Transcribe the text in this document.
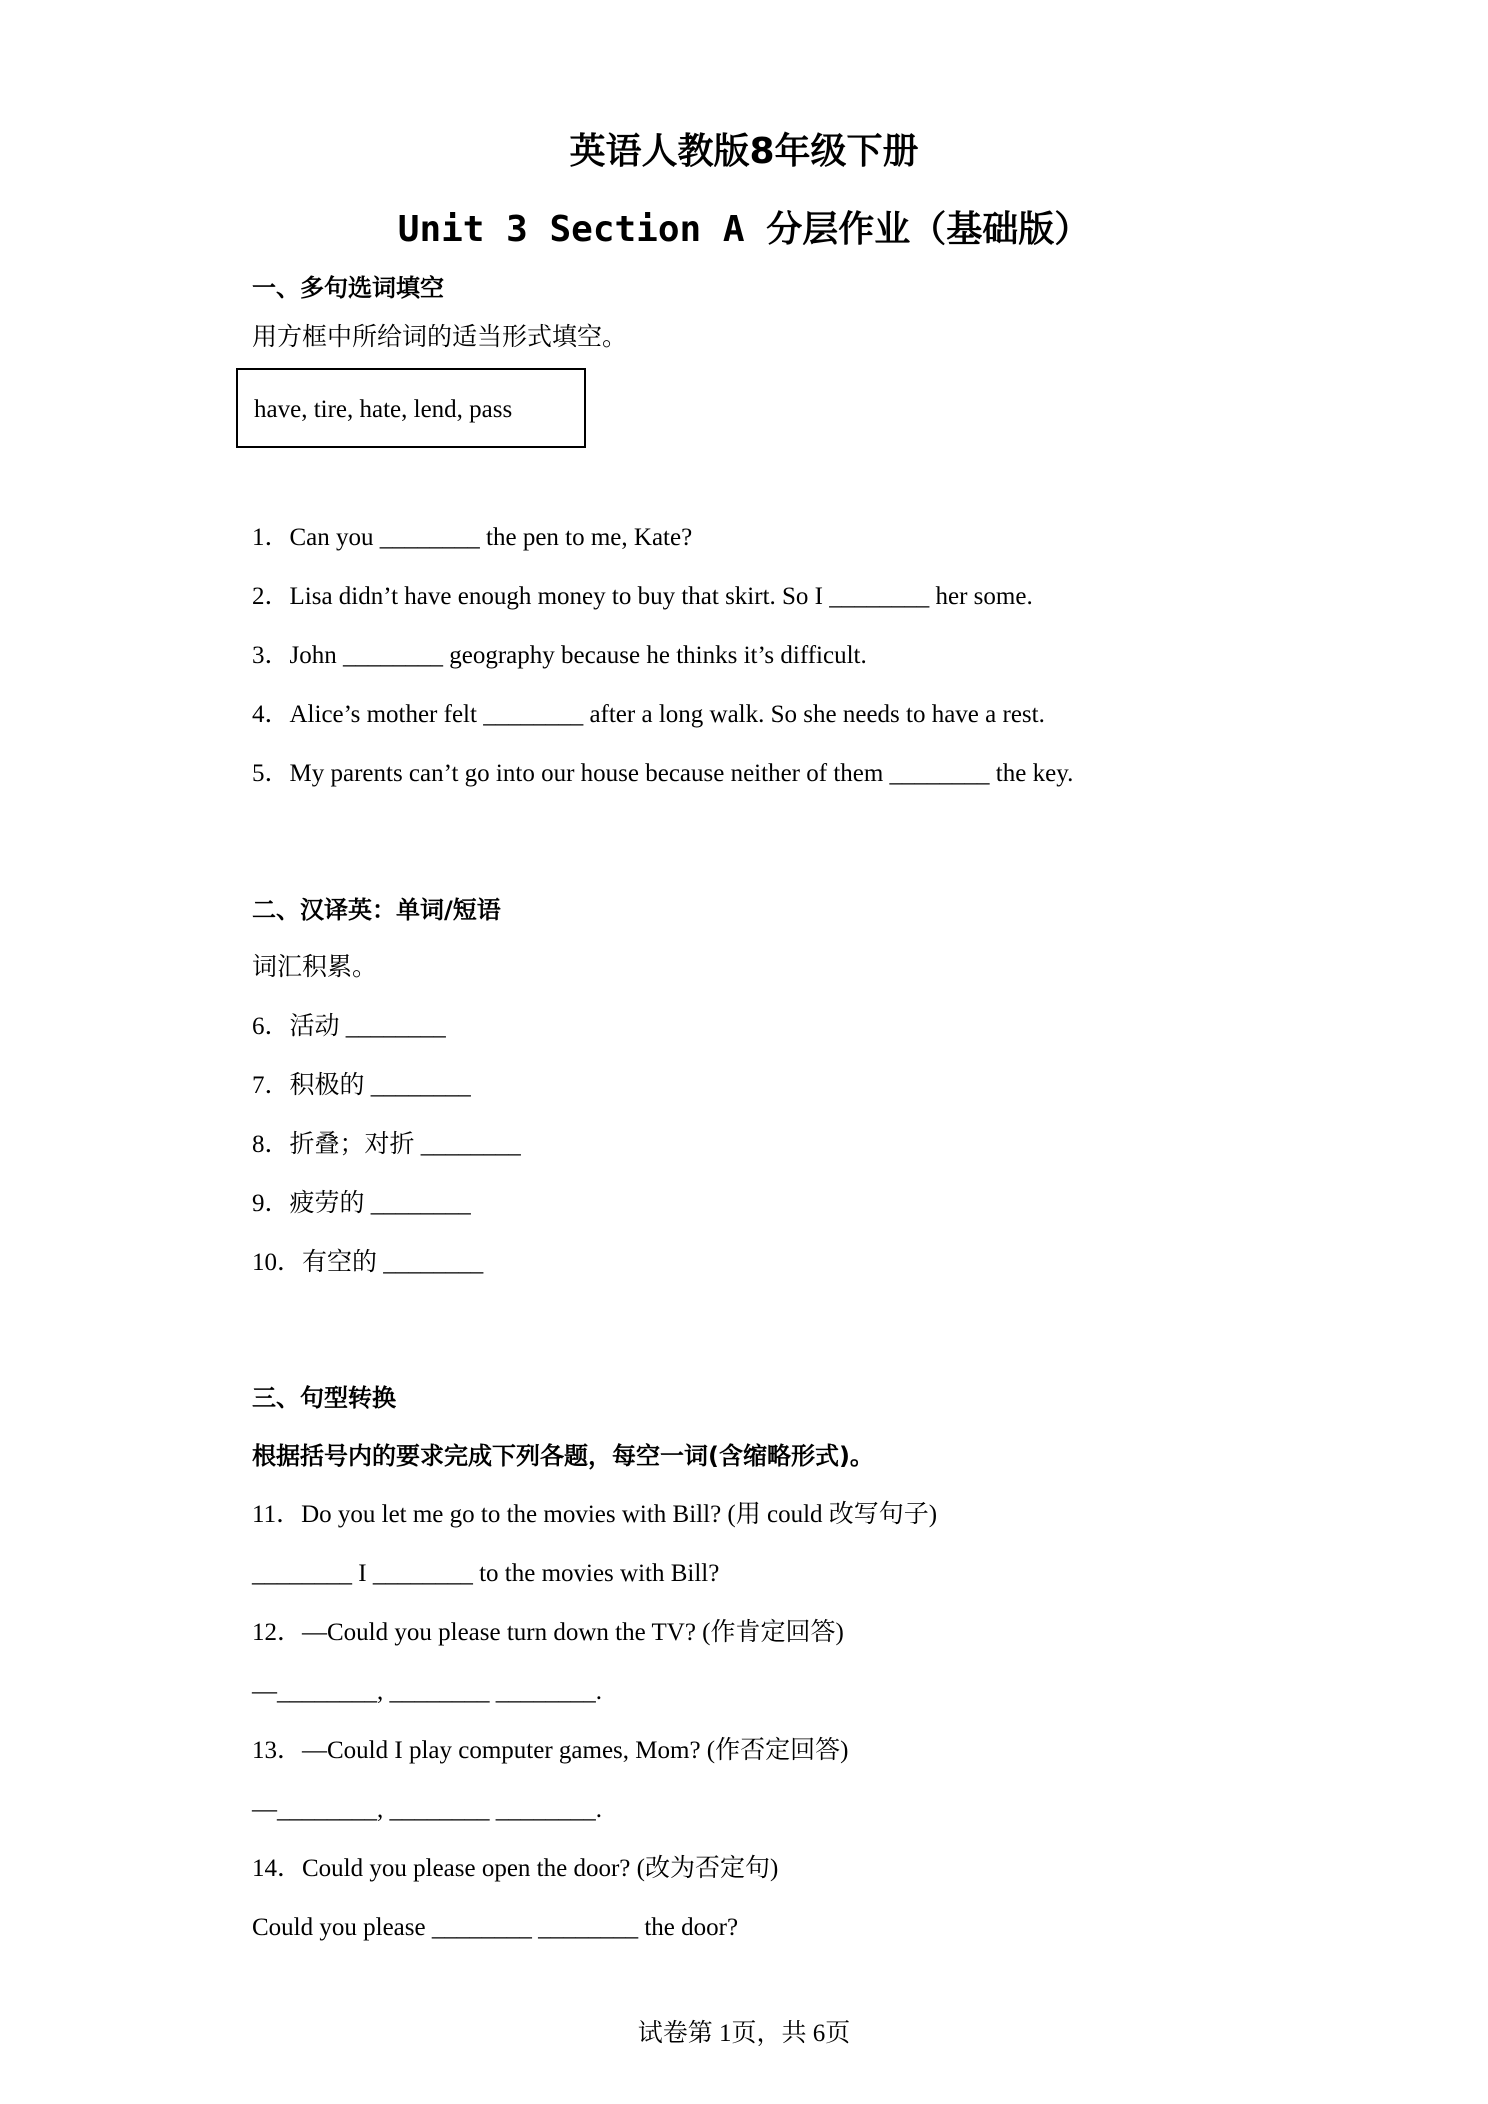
英语人教版8年级下册
Unit 3 Section A 分层作业（基础版）
一、多句选词填空
用方框中所给词的适当形式填空。
have, tire, hate, lend, pass
1．Can you ________ the pen to me, Kate?
2．Lisa didn’t have enough money to buy that skirt. So I ________ her some.
3．John ________ geography because he thinks it’s difficult.
4．Alice’s mother felt ________ after a long walk. So she needs to have a rest.
5．My parents can’t go into our house because neither of them ________ the key.
二、汉译英：单词/短语
词汇积累。
6．活动 ________
7．积极的 ________
8．折叠；对折 ________
9．疲劳的 ________
10．有空的 ________
三、句型转换
根据括号内的要求完成下列各题，每空一词(含缩略形式)。
11．Do you let me go to the movies with Bill? (用 could 改写句子)
________ I ________ to the movies with Bill?
12．—Could you please turn down the TV? (作肯定回答)
—________, ________ ________.
13．—Could I play computer games, Mom? (作否定回答)
—________, ________ ________.
14．Could you please open the door? (改为否定句)
Could you please ________ ________ the door?
试卷第 1页，共 6页
